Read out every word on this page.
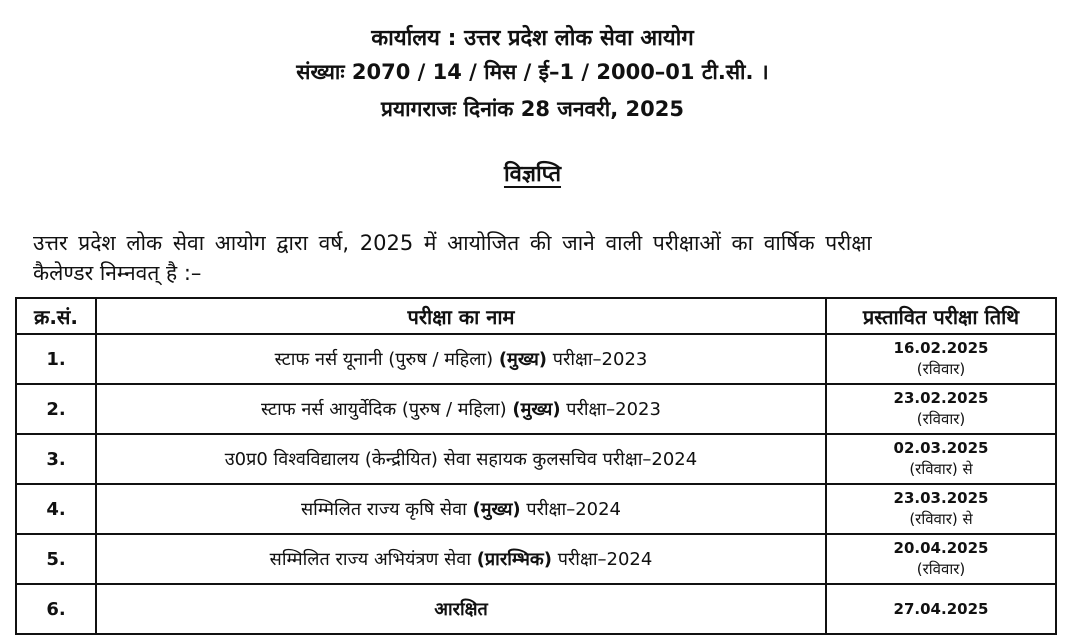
कार्यालय : उत्तर प्रदेश लोक सेवा आयोग
संख्याः 2070 / 14 / मिस / ई–1 / 2000–01 टी.सी. ।
प्रयागराजः दिनांक 28 जनवरी, 2025
विज्ञप्ति
उत्तर प्रदेश लोक सेवा आयोग द्वारा वर्ष, 2025 में आयोजित की जाने वाली परीक्षाओं का वार्षिक परीक्षा
कैलेण्डर निम्नवत् है :–
क्र.सं.	परीक्षा का नाम	प्रस्तावित परीक्षा तिथि
1.	स्टाफ नर्स यूनानी (पुरुष / महिला) (मुख्य) परीक्षा–2023	16.02.2025
(रविवार)

2.	स्टाफ नर्स आयुर्वेदिक (पुरुष / महिला) (मुख्य) परीक्षा–2023	23.02.2025
(रविवार)

3.	उ0प्र0 विश्वविद्यालय (केन्द्रीयित) सेवा सहायक कुलसचिव परीक्षा–2024	02.03.2025
(रविवार) से

4.	सम्मिलित राज्य कृषि सेवा (मुख्य) परीक्षा–2024	23.03.2025
(रविवार) से

5.	सम्मिलित राज्य अभियंत्रण सेवा (प्रारम्भिक) परीक्षा–2024	20.04.2025
(रविवार)

6.	आरक्षित	27.04.2025
